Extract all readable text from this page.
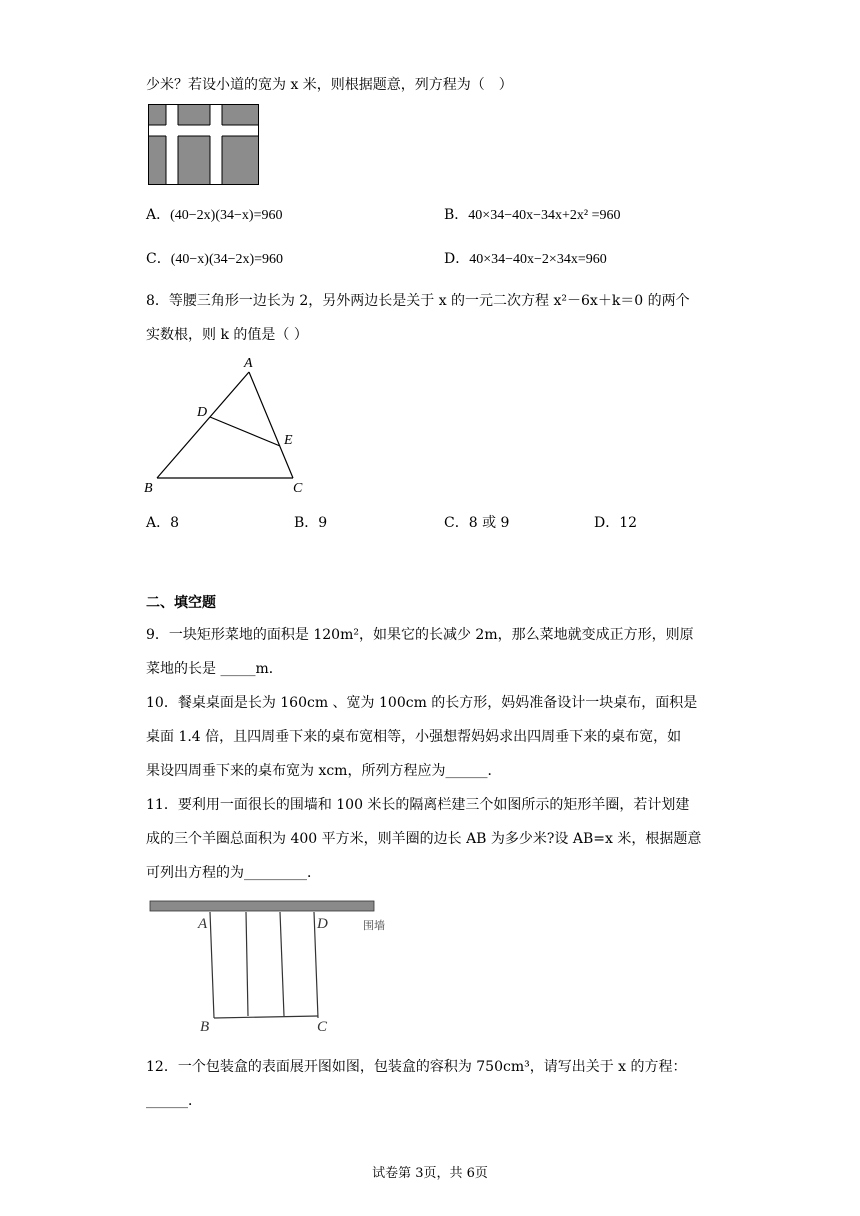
少米？若设小道的宽为 x 米，则根据题意，列方程为（　）
A．(40−2x)(34−x)=960	B．40×34−40x−34x+2x² =960
C．(40−x)(34−2x)=960	D．40×34−40x−2×34x=960
8．等腰三角形一边长为 2，另外两边长是关于 x 的一元二次方程 x²－6x＋k＝0 的两个
实数根，则 k 的值是（ ）
A
D
E
B	C
A．8	B．9	C．8 或 9	D．12
二、填空题
9．一块矩形菜地的面积是 120m²，如果它的长减少 2m，那么菜地就变成正方形，则原
菜地的长是 _____m．
10．餐桌桌面是长为 160cm 、宽为 100cm 的长方形，妈妈准备设计一块桌布，面积是
桌面 1.4 倍，且四周垂下来的桌布宽相等，小强想帮妈妈求出四周垂下来的桌布宽，如
果设四周垂下来的桌布宽为 xcm，所列方程应为______．
11．要利用一面很长的围墙和 100 米长的隔离栏建三个如图所示的矩形羊圈，若计划建
成的三个羊圈总面积为 400 平方米，则羊圈的边长 AB 为多少米?设 AB=x 米，根据题意
可列出方程的为_________．
A	D	围墙
B	C
12．一个包装盒的表面展开图如图，包装盒的容积为 750cm³，请写出关于 x 的方程：
______．
试卷第 3页，共 6页
